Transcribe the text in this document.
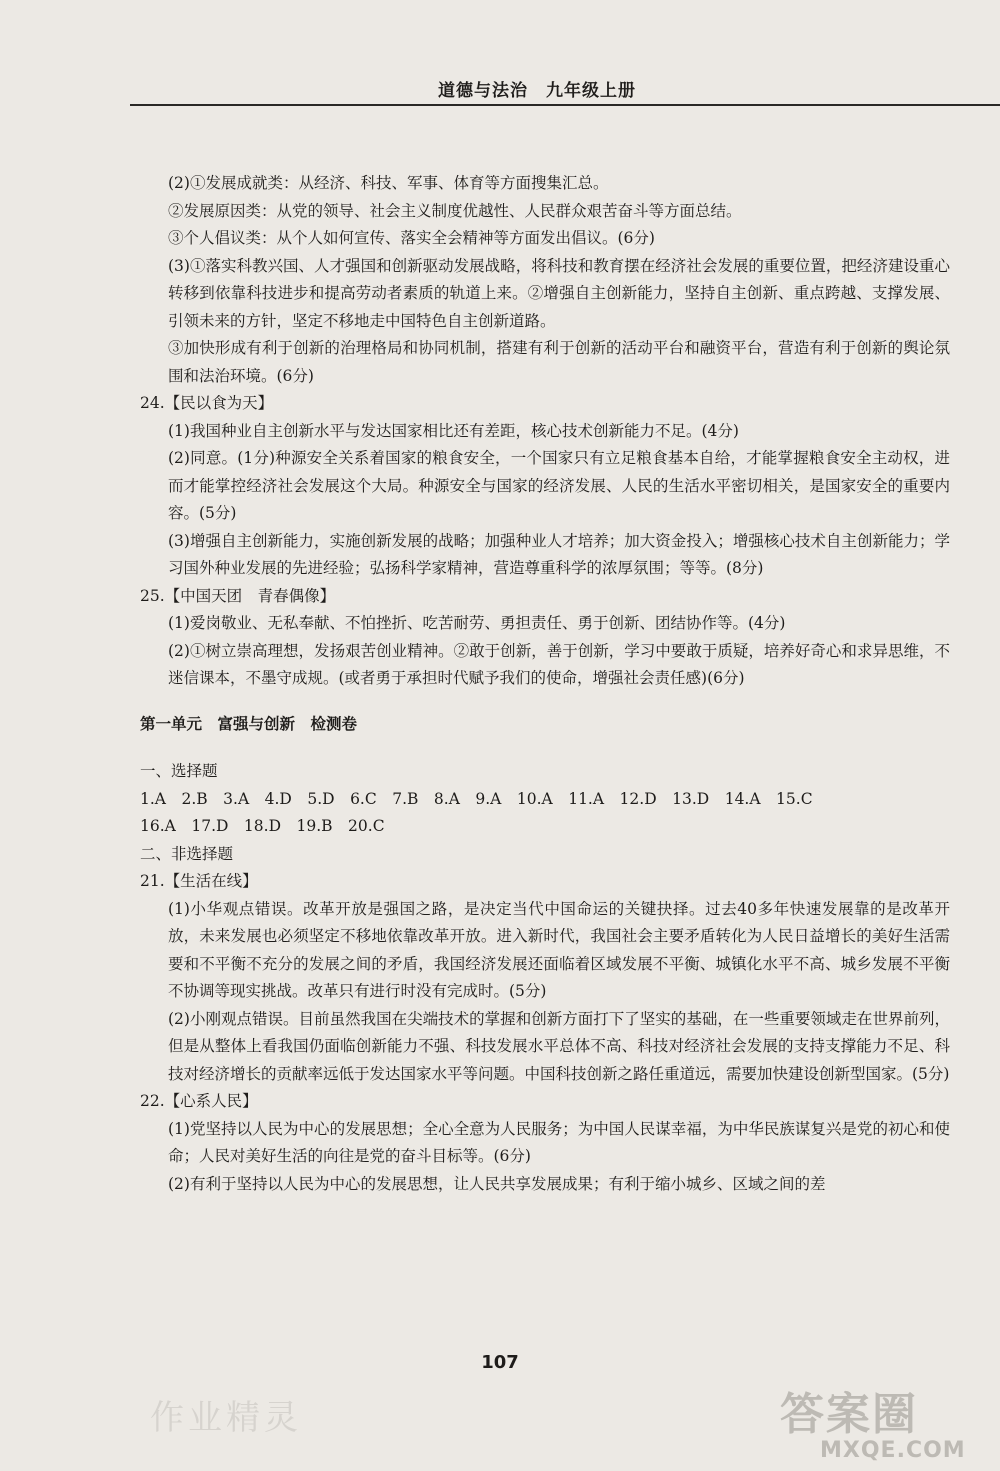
道德与法治　九年级上册

(2)①发展成就类：从经济、科技、军事、体育等方面搜集汇总。

②发展原因类：从党的领导、社会主义制度优越性、人民群众艰苦奋斗等方面总结。

③个人倡议类：从个人如何宣传、落实全会精神等方面发出倡议。(6分)

(3)①落实科教兴国、人才强国和创新驱动发展战略，将科技和教育摆在经济社会发展的重要位置，把经济建设重心转移到依靠科技进步和提高劳动者素质的轨道上来。②增强自主创新能力，坚持自主创新、重点跨越、支撑发展、引领未来的方针，坚定不移地走中国特色自主创新道路。

③加快形成有利于创新的治理格局和协同机制，搭建有利于创新的活动平台和融资平台，营造有利于创新的舆论氛围和法治环境。(6分)

24.【民以食为天】

(1)我国种业自主创新水平与发达国家相比还有差距，核心技术创新能力不足。(4分)

(2)同意。(1分)种源安全关系着国家的粮食安全，一个国家只有立足粮食基本自给，才能掌握粮食安全主动权，进而才能掌控经济社会发展这个大局。种源安全与国家的经济发展、人民的生活水平密切相关，是国家安全的重要内容。(5分)

(3)增强自主创新能力，实施创新发展的战略；加强种业人才培养；加大资金投入；增强核心技术自主创新能力；学习国外种业发展的先进经验；弘扬科学家精神，营造尊重科学的浓厚氛围；等等。(8分)

25.【中国天团　青春偶像】

(1)爱岗敬业、无私奉献、不怕挫折、吃苦耐劳、勇担责任、勇于创新、团结协作等。(4分)

(2)①树立崇高理想，发扬艰苦创业精神。②敢于创新，善于创新，学习中要敢于质疑，培养好奇心和求异思维，不迷信课本，不墨守成规。(或者勇于承担时代赋予我们的使命，增强社会责任感)(6分)

第一单元　富强与创新　检测卷

一、选择题

1.A　2.B　3.A　4.D　5.D　6.C　7.B　8.A　9.A　10.A　11.A　12.D　13.D　14.A　15.C

16.A　17.D　18.D　19.B　20.C

二、非选择题

21.【生活在线】

(1)小华观点错误。改革开放是强国之路，是决定当代中国命运的关键抉择。过去40多年快速发展靠的是改革开放，未来发展也必须坚定不移地依靠改革开放。进入新时代，我国社会主要矛盾转化为人民日益增长的美好生活需要和不平衡不充分的发展之间的矛盾，我国经济发展还面临着区域发展不平衡、城镇化水平不高、城乡发展不平衡不协调等现实挑战。改革只有进行时没有完成时。(5分)

(2)小刚观点错误。目前虽然我国在尖端技术的掌握和创新方面打下了坚实的基础，在一些重要领域走在世界前列，但是从整体上看我国仍面临创新能力不强、科技发展水平总体不高、科技对经济社会发展的支持支撑能力不足、科技对经济增长的贡献率远低于发达国家水平等问题。中国科技创新之路任重道远，需要加快建设创新型国家。(5分)

22.【心系人民】

(1)党坚持以人民为中心的发展思想；全心全意为人民服务；为中国人民谋幸福，为中华民族谋复兴是党的初心和使命；人民对美好生活的向往是党的奋斗目标等。(6分)

(2)有利于坚持以人民为中心的发展思想，让人民共享发展成果；有利于缩小城乡、区域之间的差

107
作业精灵	答案圈
MXQE.COM
